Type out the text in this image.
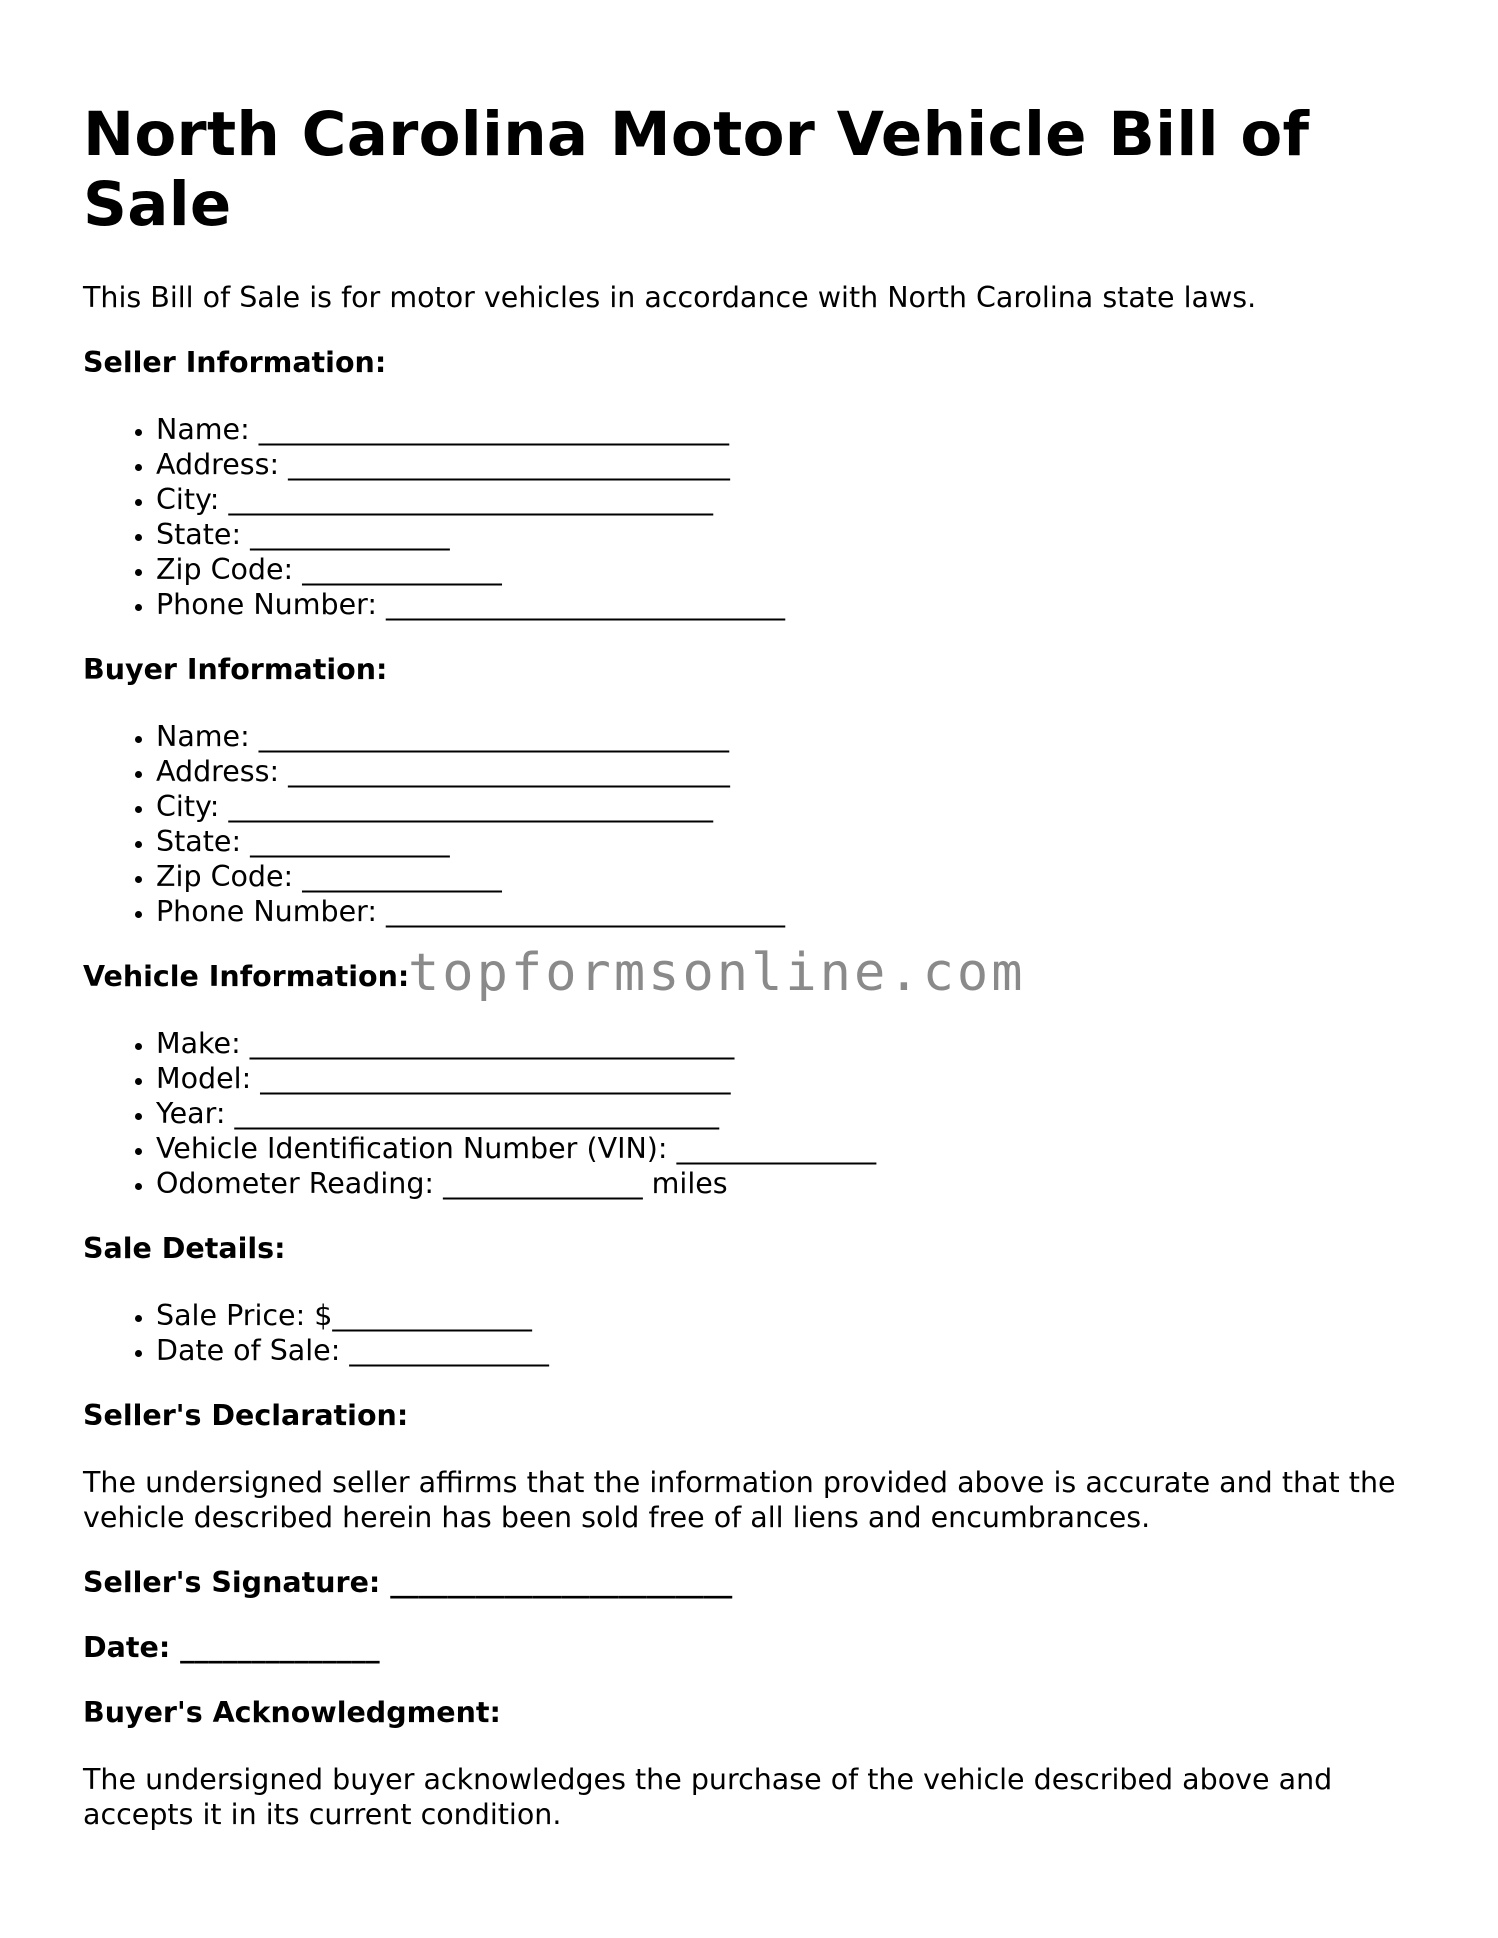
North Carolina Motor Vehicle Bill of Sale

This Bill of Sale is for motor vehicles in accordance with North Carolina state laws.

Seller Information:

• Name: _________________________________
• Address: _______________________________
• City: __________________________________
• State: ______________
• Zip Code: ______________
• Phone Number: ____________________________

Buyer Information:

• Name: _________________________________
• Address: _______________________________
• City: __________________________________
• State: ______________
• Zip Code: ______________
• Phone Number: ____________________________

Vehicle Information:

• Make: __________________________________
• Model: _________________________________
• Year: __________________________________
• Vehicle Identification Number (VIN): ______________
• Odometer Reading: ______________ miles

Sale Details:

• Sale Price: $______________
• Date of Sale: ______________

Seller's Declaration:

The undersigned seller affirms that the information provided above is accurate and that the vehicle described herein has been sold free of all liens and encumbrances.

Seller's Signature: ________________________

Date: ______________

Buyer's Acknowledgment:

The undersigned buyer acknowledges the purchase of the vehicle described above and accepts it in its current condition.

topformsonline.com
